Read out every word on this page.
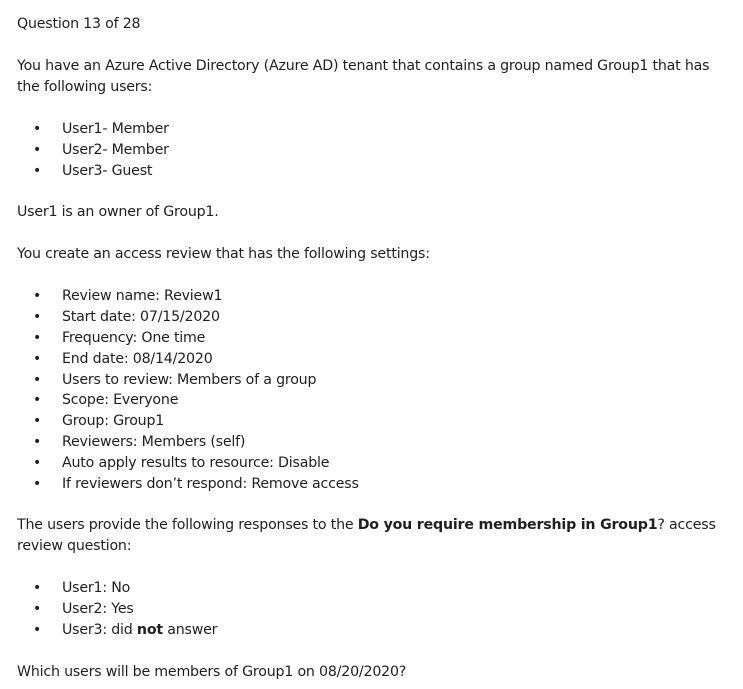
Question 13 of 28

You have an Azure Active Directory (Azure AD) tenant that contains a group named Group1 that has the following users:

• User1- Member
• User2- Member
• User3- Guest

User1 is an owner of Group1.

You create an access review that has the following settings:

• Review name: Review1
• Start date: 07/15/2020
• Frequency: One time
• End date: 08/14/2020
• Users to review: Members of a group
• Scope: Everyone
• Group: Group1
• Reviewers: Members (self)
• Auto apply results to resource: Disable
• If reviewers don’t respond: Remove access

The users provide the following responses to the Do you require membership in Group1? access review question:

• User1: No
• User2: Yes
• User3: did not answer

Which users will be members of Group1 on 08/20/2020?
